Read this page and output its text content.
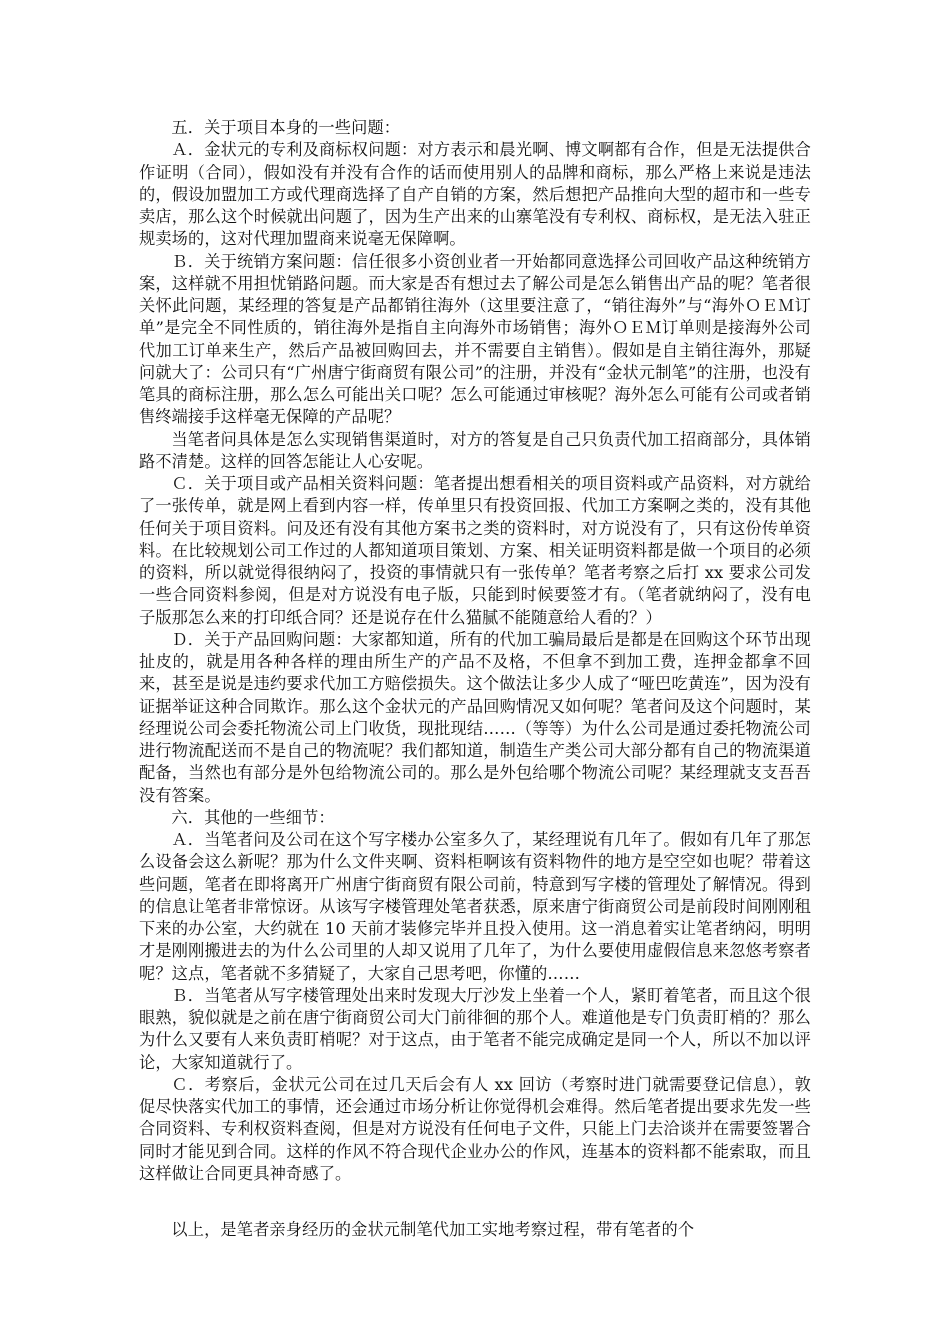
五．关于项目本身的一些问题：

Ａ．金状元的专利及商标权问题：对方表示和晨光啊、博文啊都有合作，但是无法提供合作证明（合同），假如没有并没有合作的话而使用别人的品牌和商标，那么严格上来说是违法的，假设加盟加工方或代理商选择了自产自销的方案，然后想把产品推向大型的超市和一些专卖店，那么这个时候就出问题了，因为生产出来的山寨笔没有专利权、商标权，是无法入驻正规卖场的，这对代理加盟商来说毫无保障啊。

Ｂ．关于统销方案问题：信任很多小资创业者一开始都同意选择公司回收产品这种统销方案，这样就不用担忧销路问题。而大家是否有想过去了解公司是怎么销售出产品的呢？笔者很关怀此问题，某经理的答复是产品都销往海外（这里要注意了，“销往海外”与“海外ＯＥＭ订单”是完全不同性质的，销往海外是指自主向海外市场销售；海外ＯＥＭ订单则是接海外公司代加工订单来生产，然后产品被回购回去，并不需要自主销售）。假如是自主销往海外，那疑问就大了：公司只有“广州唐宁街商贸有限公司”的注册，并没有“金状元制笔”的注册，也没有笔具的商标注册，那么怎么可能出关口呢？怎么可能通过审核呢？海外怎么可能有公司或者销售终端接手这样毫无保障的产品呢？

当笔者问具体是怎么实现销售渠道时，对方的答复是自己只负责代加工招商部分，具体销路不清楚。这样的回答怎能让人心安呢。

Ｃ．关于项目或产品相关资料问题：笔者提出想看相关的项目资料或产品资料，对方就给了一张传单，就是网上看到内容一样，传单里只有投资回报、代加工方案啊之类的，没有其他任何关于项目资料。问及还有没有其他方案书之类的资料时，对方说没有了，只有这份传单资料。在比较规划公司工作过的人都知道项目策划、方案、相关证明资料都是做一个项目的必须的资料，所以就觉得很纳闷了，投资的事情就只有一张传单？笔者考察之后打 xx 要求公司发一些合同资料参阅，但是对方说没有电子版，只能到时候要签才有。（笔者就纳闷了，没有电子版那怎么来的打印纸合同？还是说存在什么猫腻不能随意给人看的？）

Ｄ．关于产品回购问题：大家都知道，所有的代加工骗局最后是都是在回购这个环节出现扯皮的，就是用各种各样的理由所生产的产品不及格，不但拿不到加工费，连押金都拿不回来，甚至是说是违约要求代加工方赔偿损失。这个做法让多少人成了“哑巴吃黄连”，因为没有证据举证这种合同欺诈。那么这个金状元的产品回购情况又如何呢？笔者问及这个问题时，某经理说公司会委托物流公司上门收货，现批现结……（等等）为什么公司是通过委托物流公司进行物流配送而不是自己的物流呢？我们都知道，制造生产类公司大部分都有自己的物流渠道配备，当然也有部分是外包给物流公司的。那么是外包给哪个物流公司呢？某经理就支支吾吾没有答案。

六．其他的一些细节：

Ａ．当笔者问及公司在这个写字楼办公室多久了，某经理说有几年了。假如有几年了那怎么设备会这么新呢？那为什么文件夹啊、资料柜啊该有资料物件的地方是空空如也呢？带着这些问题，笔者在即将离开广州唐宁街商贸有限公司前，特意到写字楼的管理处了解情况。得到的信息让笔者非常惊讶。从该写字楼管理处笔者获悉，原来唐宁街商贸公司是前段时间刚刚租下来的办公室，大约就在 10 天前才装修完毕并且投入使用。这一消息着实让笔者纳闷，明明才是刚刚搬进去的为什么公司里的人却又说用了几年了，为什么要使用虚假信息来忽悠考察者呢？这点，笔者就不多猜疑了，大家自己思考吧，你懂的……

Ｂ．当笔者从写字楼管理处出来时发现大厅沙发上坐着一个人，紧盯着笔者，而且这个很眼熟，貌似就是之前在唐宁街商贸公司大门前徘徊的那个人。难道他是专门负责盯梢的？那么为什么又要有人来负责盯梢呢？对于这点，由于笔者不能完成确定是同一个人，所以不加以评论，大家知道就行了。

Ｃ．考察后，金状元公司在过几天后会有人 xx 回访（考察时进门就需要登记信息），敦促尽快落实代加工的事情，还会通过市场分析让你觉得机会难得。然后笔者提出要求先发一些合同资料、专利权资料查阅，但是对方说没有任何电子文件，只能上门去洽谈并在需要签署合同时才能见到合同。这样的作风不符合现代企业办公的作风，连基本的资料都不能索取，而且这样做让合同更具神奇感了。

以上，是笔者亲身经历的金状元制笔代加工实地考察过程，带有笔者的个
